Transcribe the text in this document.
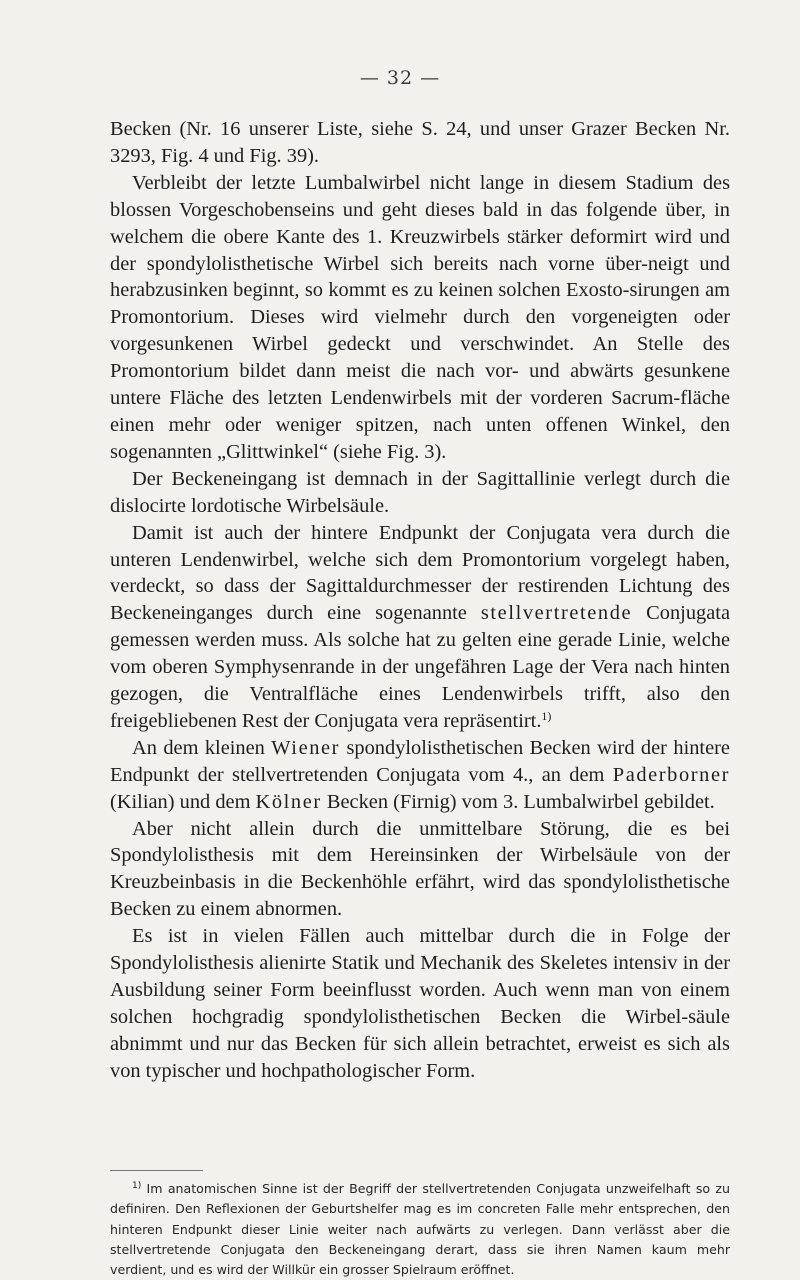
— 32 —

Becken (Nr. 16 unserer Liste, siehe S. 24, und unser Grazer Becken Nr. 3293, Fig. 4 und Fig. 39).

Verbleibt der letzte Lumbalwirbel nicht lange in diesem Stadium des blossen Vorgeschobenseins und geht dieses bald in das folgende über, in welchem die obere Kante des 1. Kreuzwirbels stärker deformirt wird und der spondylolisthetische Wirbel sich bereits nach vorne über-neigt und herabzusinken beginnt, so kommt es zu keinen solchen Exosto-sirungen am Promontorium. Dieses wird vielmehr durch den vorgeneigten oder vorgesunkenen Wirbel gedeckt und verschwindet. An Stelle des Promontorium bildet dann meist die nach vor- und abwärts gesunkene untere Fläche des letzten Lendenwirbels mit der vorderen Sacrum-fläche einen mehr oder weniger spitzen, nach unten offenen Winkel, den sogenannten „Glittwinkel“ (siehe Fig. 3).

Der Beckeneingang ist demnach in der Sagittallinie verlegt durch die dislocirte lordotische Wirbelsäule.

Damit ist auch der hintere Endpunkt der Conjugata vera durch die unteren Lendenwirbel, welche sich dem Promontorium vorgelegt haben, verdeckt, so dass der Sagittaldurchmesser der restirenden Lichtung des Beckeneinganges durch eine sogenannte stellvertretende Conjugata gemessen werden muss. Als solche hat zu gelten eine gerade Linie, welche vom oberen Symphysenrande in der ungefähren Lage der Vera nach hinten gezogen, die Ventralfläche eines Lendenwirbels trifft, also den freigebliebenen Rest der Conjugata vera repräsentirt.$^{1)}$

An dem kleinen Wiener spondylolisthetischen Becken wird der hintere Endpunkt der stellvertretenden Conjugata vom 4., an dem Paderborner (Kilian) und dem Kölner Becken (Firnig) vom 3. Lumbalwirbel gebildet.

Aber nicht allein durch die unmittelbare Störung, die es bei Spondylolisthesis mit dem Hereinsinken der Wirbelsäule von der Kreuzbeinbasis in die Beckenhöhle erfährt, wird das spondylolisthetische Becken zu einem abnormen.

Es ist in vielen Fällen auch mittelbar durch die in Folge der Spondylolisthesis alienirte Statik und Mechanik des Skeletes intensiv in der Ausbildung seiner Form beeinflusst worden. Auch wenn man von einem solchen hochgradig spondylolisthetischen Becken die Wirbel-säule abnimmt und nur das Becken für sich allein betrachtet, erweist es sich als von typischer und hochpathologischer Form.

$^{1)}$ Im anatomischen Sinne ist der Begriff der stellvertretenden Conjugata unzweifelhaft so zu definiren. Den Reflexionen der Geburtshelfer mag es im concreten Falle mehr entsprechen, den hinteren Endpunkt dieser Linie weiter nach aufwärts zu verlegen. Dann verlässt aber die stellvertretende Conjugata den Beckeneingang derart, dass sie ihren Namen kaum mehr verdient, und es wird der Willkür ein grosser Spielraum eröffnet.
